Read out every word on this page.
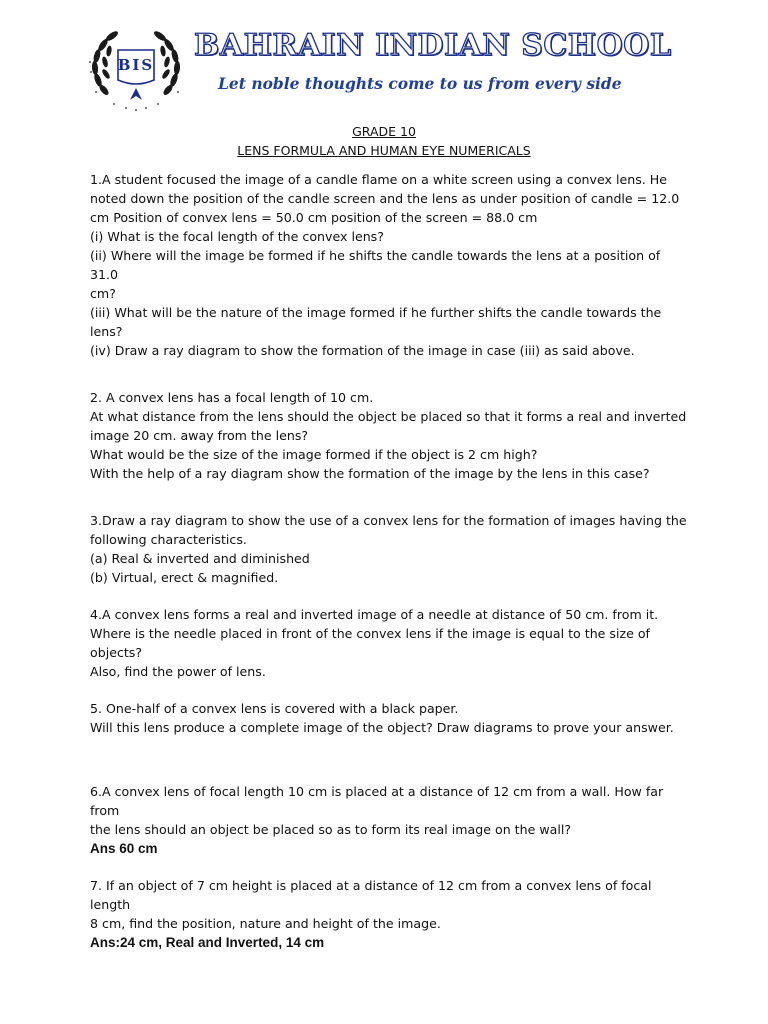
BIS
BAHRAIN INDIAN SCHOOL
Let noble thoughts come to us from every side
GRADE 10
LENS FORMULA AND HUMAN EYE NUMERICALS

1.A student focused the image of a candle flame on a white screen using a convex lens. He

noted down the position of the candle screen and the lens as under position of candle = 12.0

cm Position of convex lens = 50.0 cm position of the screen = 88.0 cm

(i) What is the focal length of the convex lens?

(ii) Where will the image be formed if he shifts the candle towards the lens at a position of 31.0

cm?

(iii) What will be the nature of the image formed if he further shifts the candle towards the

lens?

(iv) Draw a ray diagram to show the formation of the image in case (iii) as said above.

2. A convex lens has a focal length of 10 cm.

At what distance from the lens should the object be placed so that it forms a real and inverted

image 20 cm. away from the lens?

What would be the size of the image formed if the object is 2 cm high?

With the help of a ray diagram show the formation of the image by the lens in this case?

3.Draw a ray diagram to show the use of a convex lens for the formation of images having the

following characteristics.

(a) Real & inverted and diminished

(b) Virtual, erect & magnified.

4.A convex lens forms a real and inverted image of a needle at distance of 50 cm. from it.

Where is the needle placed in front of the convex lens if the image is equal to the size of

objects?

Also, find the power of lens.

5. One-half of a convex lens is covered with a black paper.

Will this lens produce a complete image of the object? Draw diagrams to prove your answer.

6.A convex lens of focal length 10 cm is placed at a distance of 12 cm from a wall. How far from

the lens should an object be placed so as to form its real image on the wall?

Ans 60 cm

7. If an object of 7 cm height is placed at a distance of 12 cm from a convex lens of focal length

8 cm, find the position, nature and height of the image.

Ans:24 cm, Real and Inverted, 14 cm
